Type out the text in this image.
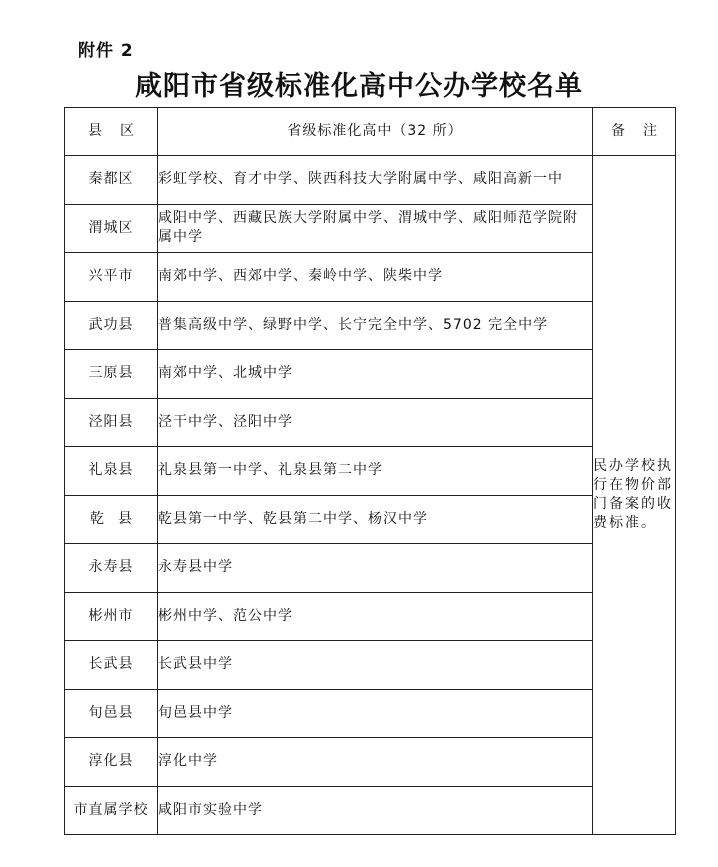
附件 2
咸阳市省级标准化高中公办学校名单
县区	省级标准化高中（32 所）	备注
秦都区	彩虹学校、育才中学、陕西科技大学附属中学、咸阳高新一中	民办学校执行在物价部门备案的收费标准。
渭城区	咸阳中学、西藏民族大学附属中学、渭城中学、咸阳师范学院附属中学	
兴平市	南郊中学、西郊中学、秦岭中学、陕柴中学	
武功县	普集高级中学、绿野中学、长宁完全中学、5702 完全中学	
三原县	南郊中学、北城中学	
泾阳县	泾干中学、泾阳中学	
礼泉县	礼泉县第一中学、礼泉县第二中学	
乾县	乾县第一中学、乾县第二中学、杨汉中学	
永寿县	永寿县中学	
彬州市	彬州中学、范公中学	
长武县	长武县中学	
旬邑县	旬邑县中学	
淳化县	淳化中学	
市直属学校	咸阳市实验中学	
